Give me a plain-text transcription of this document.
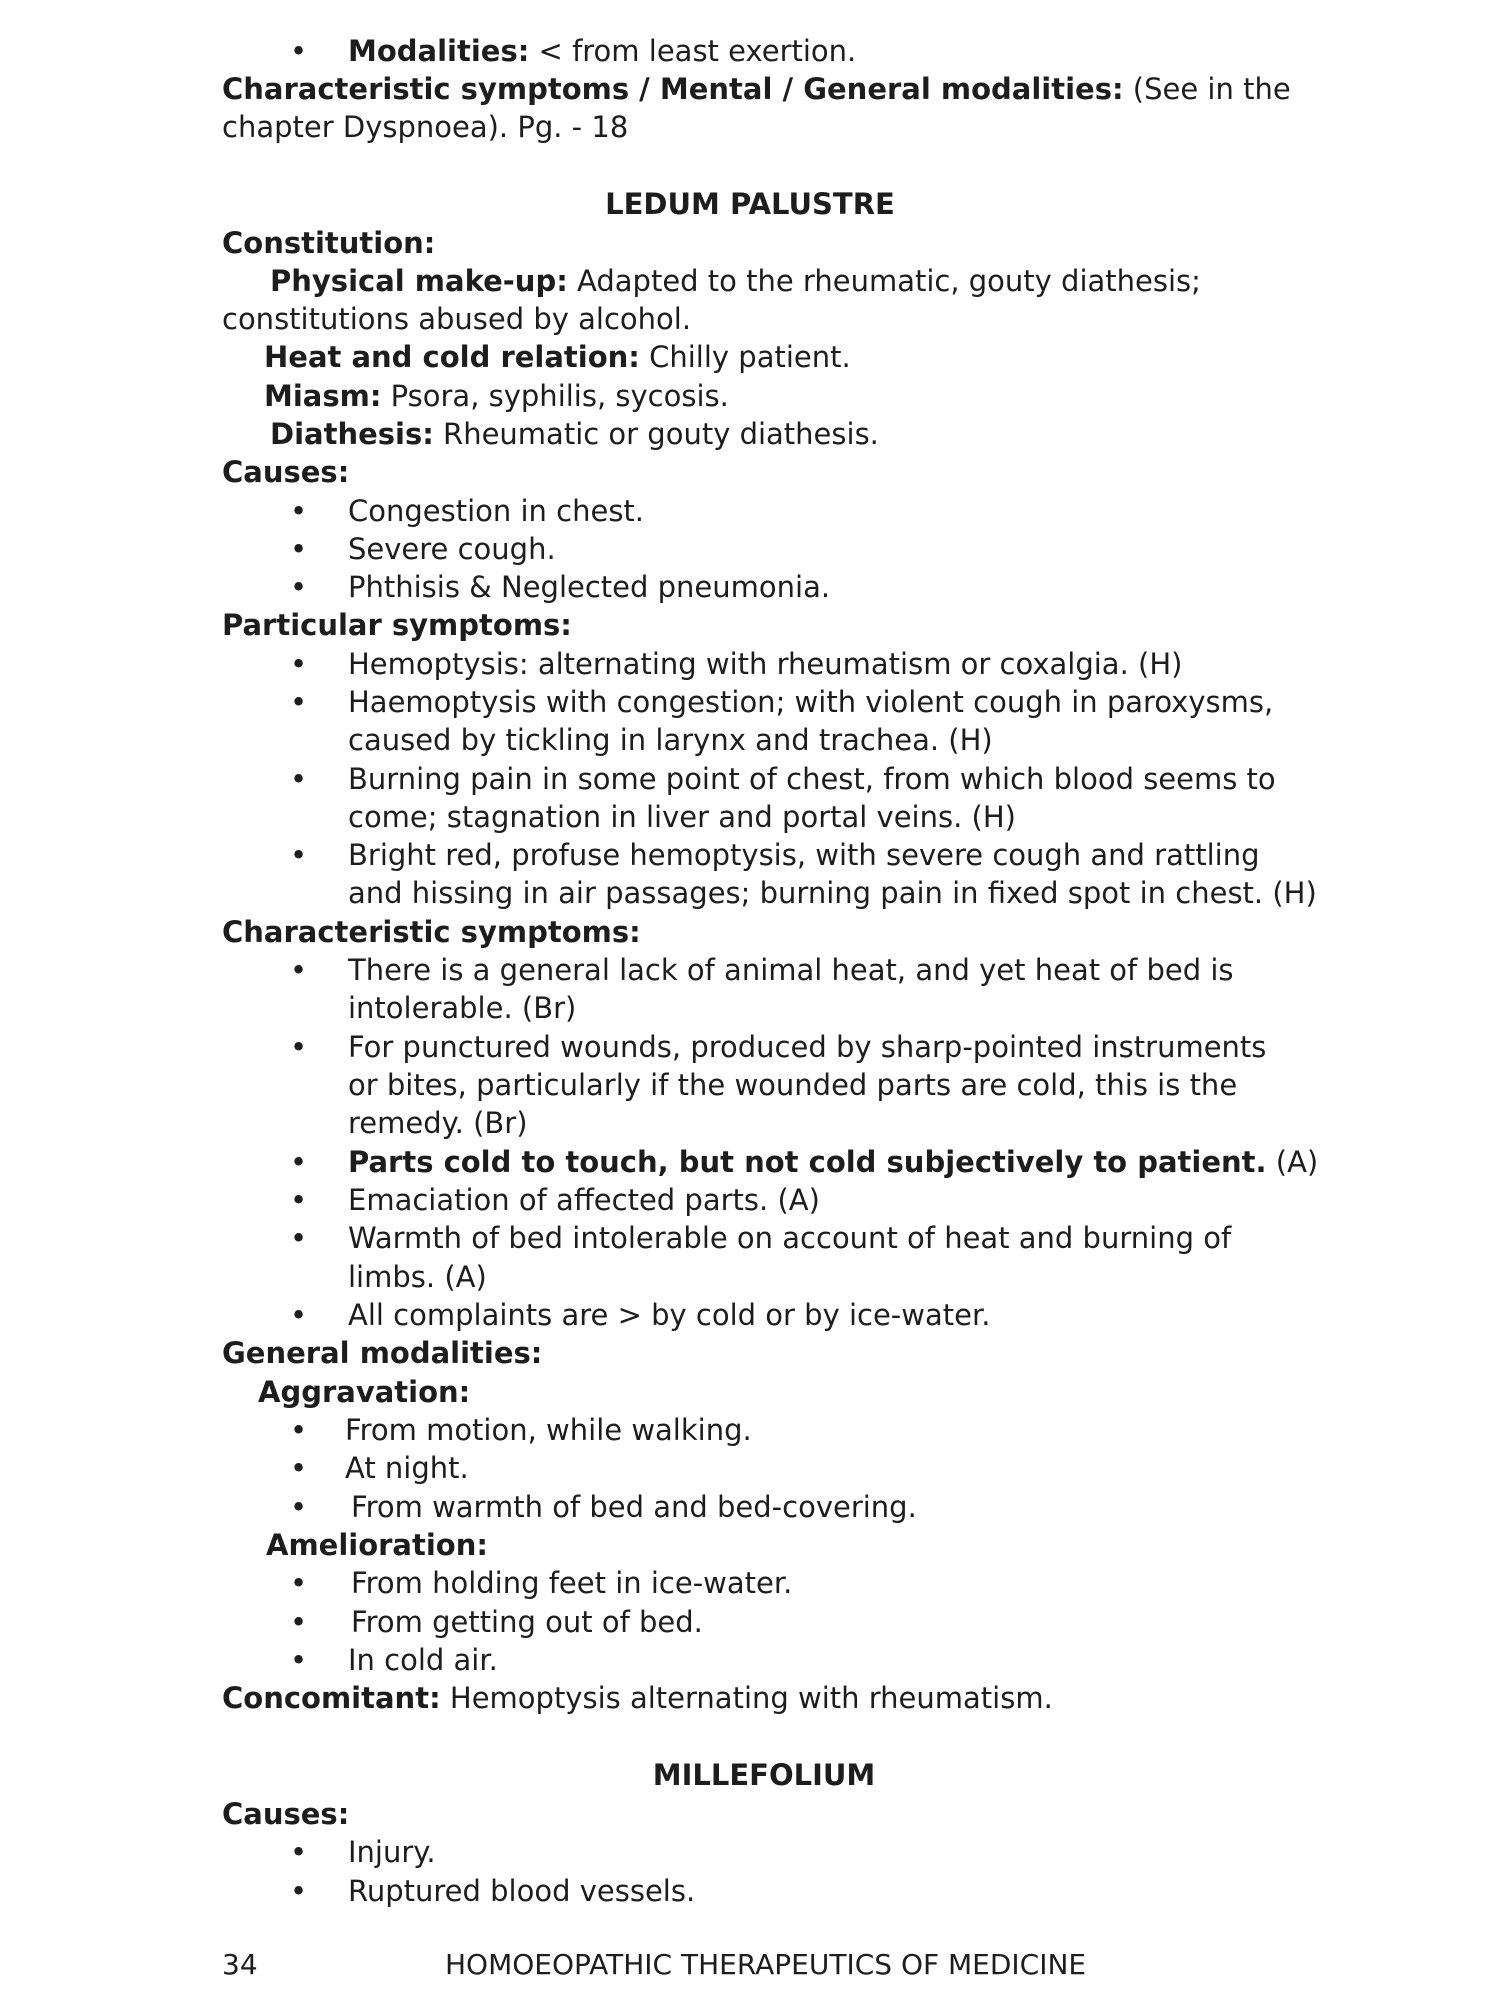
• Modalities: < from least exertion.
Characteristic symptoms / Mental / General modalities: (See in the
chapter Dyspnoea). Pg. - 18
LEDUM PALUSTRE
Constitution:
Physical make-up: Adapted to the rheumatic, gouty diathesis;
constitutions abused by alcohol.
Heat and cold relation: Chilly patient.
Miasm: Psora, syphilis, sycosis.
Diathesis: Rheumatic or gouty diathesis.
Causes:
• Congestion in chest.
• Severe cough.
• Phthisis & Neglected pneumonia.
Particular symptoms:
• Hemoptysis: alternating with rheumatism or coxalgia. (H)
• Haemoptysis with congestion; with violent cough in paroxysms,
caused by tickling in larynx and trachea. (H)
• Burning pain in some point of chest, from which blood seems to
come; stagnation in liver and portal veins. (H)
• Bright red, profuse hemoptysis, with severe cough and rattling
and hissing in air passages; burning pain in fixed spot in chest. (H)
Characteristic symptoms:
• There is a general lack of animal heat, and yet heat of bed is
intolerable. (Br)
• For punctured wounds, produced by sharp-pointed instruments
or bites, particularly if the wounded parts are cold, this is the
remedy. (Br)
• Parts cold to touch, but not cold subjectively to patient. (A)
• Emaciation of affected parts. (A)
• Warmth of bed intolerable on account of heat and burning of
limbs. (A)
• All complaints are > by cold or by ice-water.
General modalities:
Aggravation:
• From motion, while walking.
• At night.
• From warmth of bed and bed-covering.
Amelioration:
• From holding feet in ice-water.
• From getting out of bed.
• In cold air.
Concomitant: Hemoptysis alternating with rheumatism.
MILLEFOLIUM
Causes:
• Injury.
• Ruptured blood vessels.
34	HOMOEOPATHIC THERAPEUTICS OF MEDICINE
